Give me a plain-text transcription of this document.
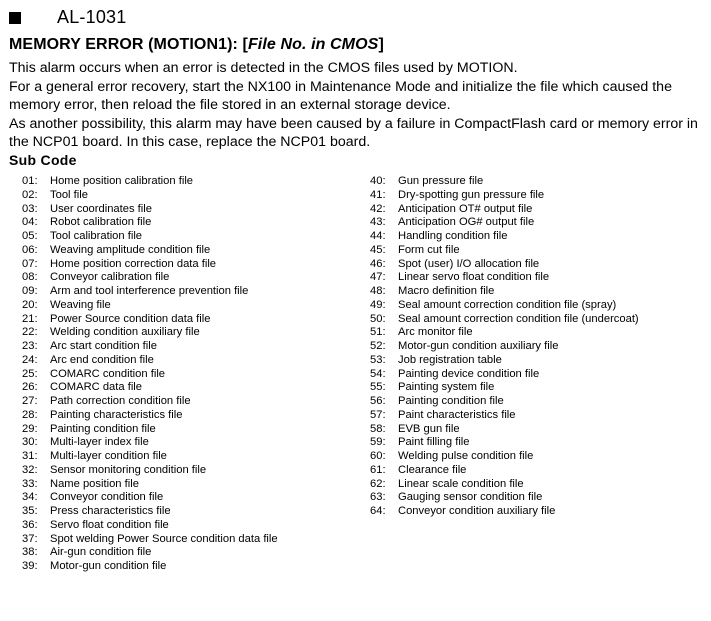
AL-1031
MEMORY ERROR (MOTION1): [File No. in CMOS]

This alarm occurs when an error is detected in the CMOS files used by MOTION.

For a general error recovery, start the NX100 in Maintenance Mode and initialize the file which caused the memory error, then reload the file stored in an external storage device.

As another possibility, this alarm may have been caused by a failure in CompactFlash card or memory error in the NCP01 board. In this case, replace the NCP01 board.

Sub Code
01:	Home position calibration file
02:	Tool file
03:	User coordinates file
04:	Robot calibration file
05:	Tool calibration file
06:	Weaving amplitude condition file
07:	Home position correction data file
08:	Conveyor calibration file
09:	Arm and tool interference prevention file
20:	Weaving file
21:	Power Source condition data file
22:	Welding condition auxiliary file
23:	Arc start condition file
24:	Arc end condition file
25:	COMARC condition file
26:	COMARC data file
27:	Path correction condition file
28:	Painting characteristics file
29:	Painting condition file
30:	Multi-layer index file
31:	Multi-layer condition file
32:	Sensor monitoring condition file
33:	Name position file
34:	Conveyor condition file
35:	Press characteristics file
36:	Servo float condition file
37:	Spot welding Power Source condition data file
38:	Air-gun condition file
39:	Motor-gun condition file
40:	Gun pressure file
41:	Dry-spotting gun pressure file
42:	Anticipation OT# output file
43:	Anticipation OG# output file
44:	Handling condition file
45:	Form cut file
46:	Spot (user) I/O allocation file
47:	Linear servo float condition file
48:	Macro definition file
49:	Seal amount correction condition file (spray)
50:	Seal amount correction condition file (undercoat)
51:	Arc monitor file
52:	Motor-gun condition auxiliary file
53:	Job registration table
54:	Painting device condition file
55:	Painting system file
56:	Painting condition file
57:	Paint characteristics file
58:	EVB gun file
59:	Paint filling file
60:	Welding pulse condition file
61:	Clearance file
62:	Linear scale condition file
63:	Gauging sensor condition file
64:	Conveyor condition auxiliary file
